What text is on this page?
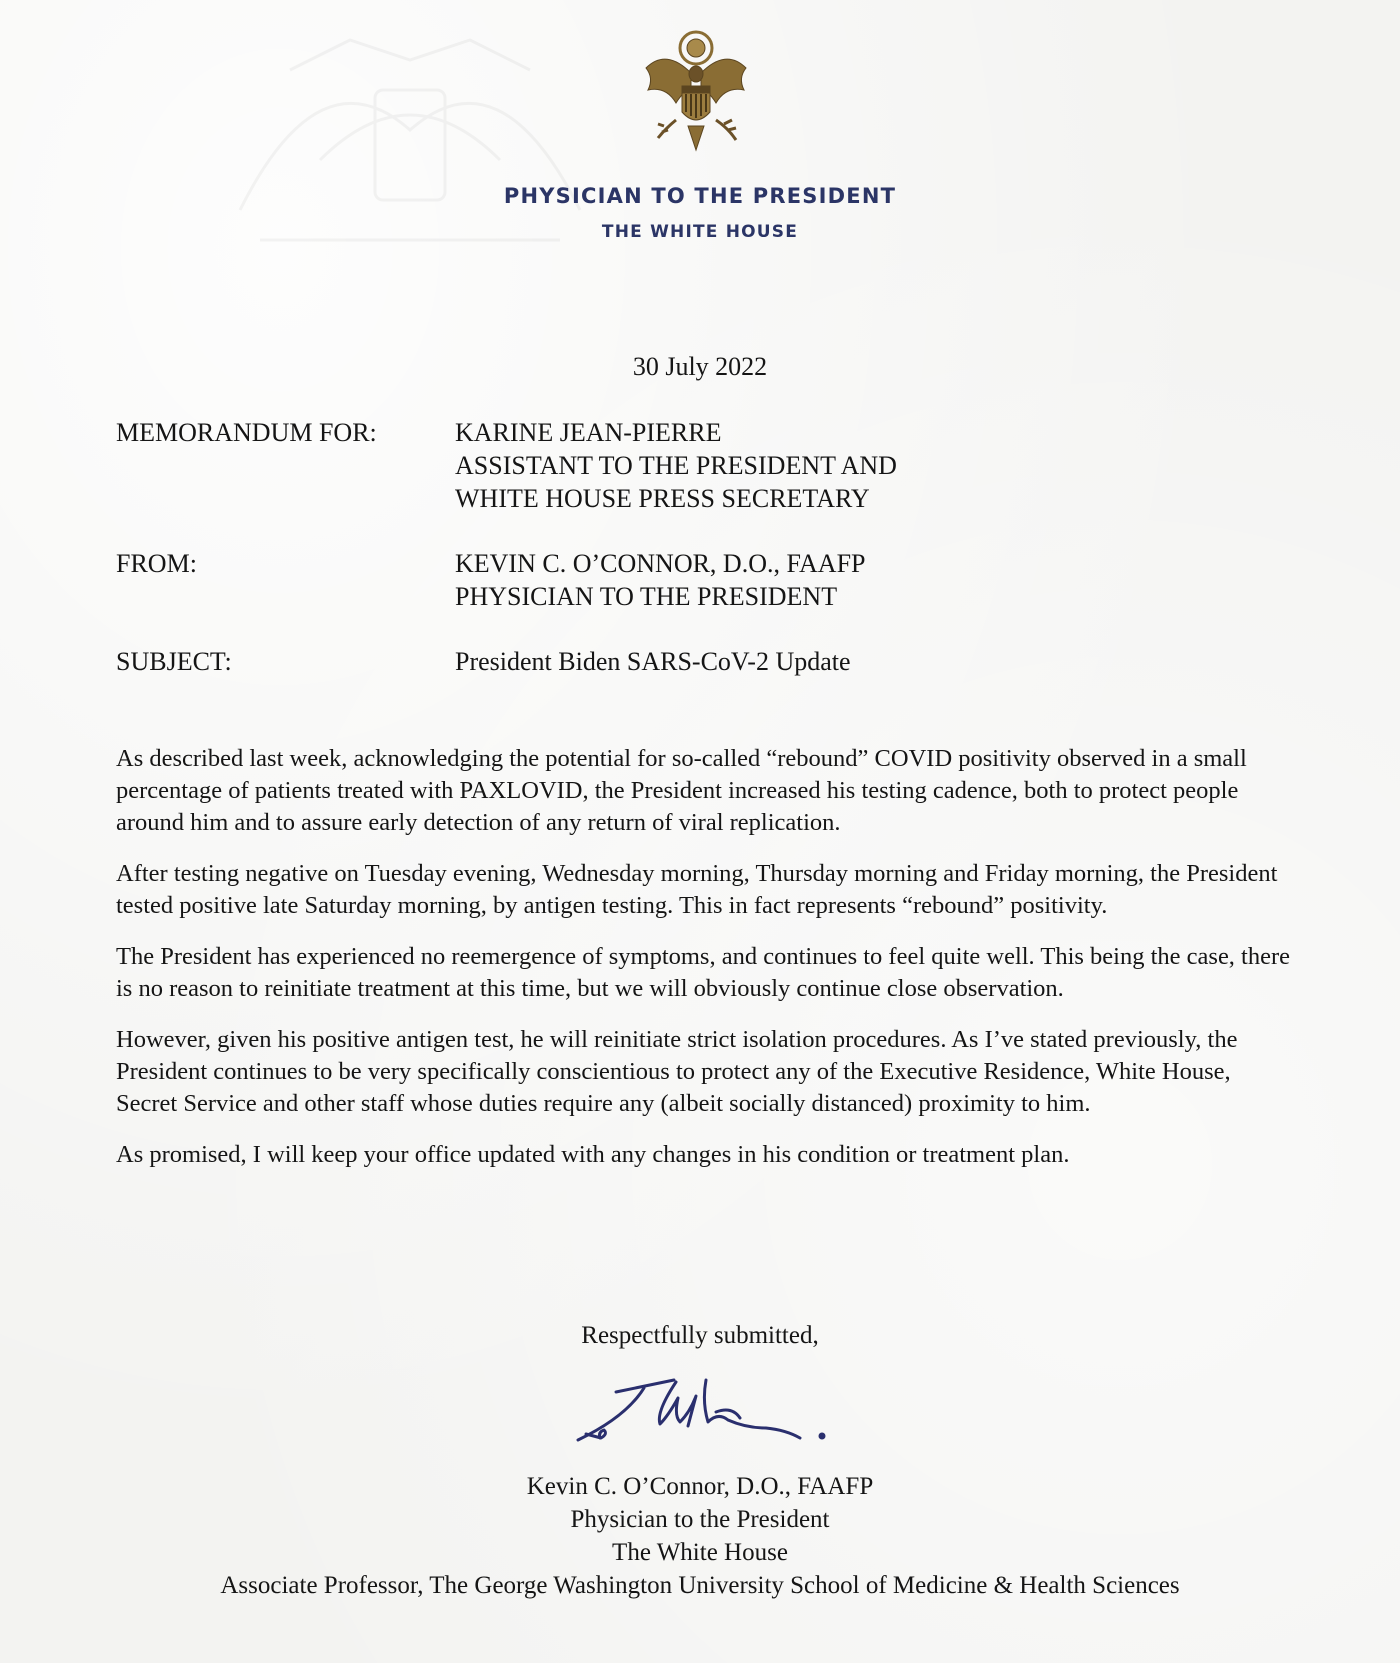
PHYSICIAN TO THE PRESIDENT
THE WHITE HOUSE
30 July 2022
MEMORANDUM FOR:	KARINE JEAN-PIERRE
ASSISTANT TO THE PRESIDENT AND
WHITE HOUSE PRESS SECRETARY
FROM:	KEVIN C. O’CONNOR, D.O., FAAFP
PHYSICIAN TO THE PRESIDENT
SUBJECT:	President Biden SARS-CoV-2 Update

As described last week, acknowledging the potential for so-called “rebound” COVID positivity observed in a small percentage of patients treated with PAXLOVID, the President increased his testing cadence, both to protect people around him and to assure early detection of any return of viral replication.

After testing negative on Tuesday evening, Wednesday morning, Thursday morning and Friday morning, the President tested positive late Saturday morning, by antigen testing. This in fact represents “rebound” positivity.

The President has experienced no reemergence of symptoms, and continues to feel quite well. This being the case, there is no reason to reinitiate treatment at this time, but we will obviously continue close observation.

However, given his positive antigen test, he will reinitiate strict isolation procedures. As I’ve stated previously, the President continues to be very specifically conscientious to protect any of the Executive Residence, White House, Secret Service and other staff whose duties require any (albeit socially distanced) proximity to him.

As promised, I will keep your office updated with any changes in his condition or treatment plan.

Respectfully submitted,
Kevin C. O’Connor, D.O., FAAFP
Physician to the President
The White House
Associate Professor, The George Washington University School of Medicine & Health Sciences
